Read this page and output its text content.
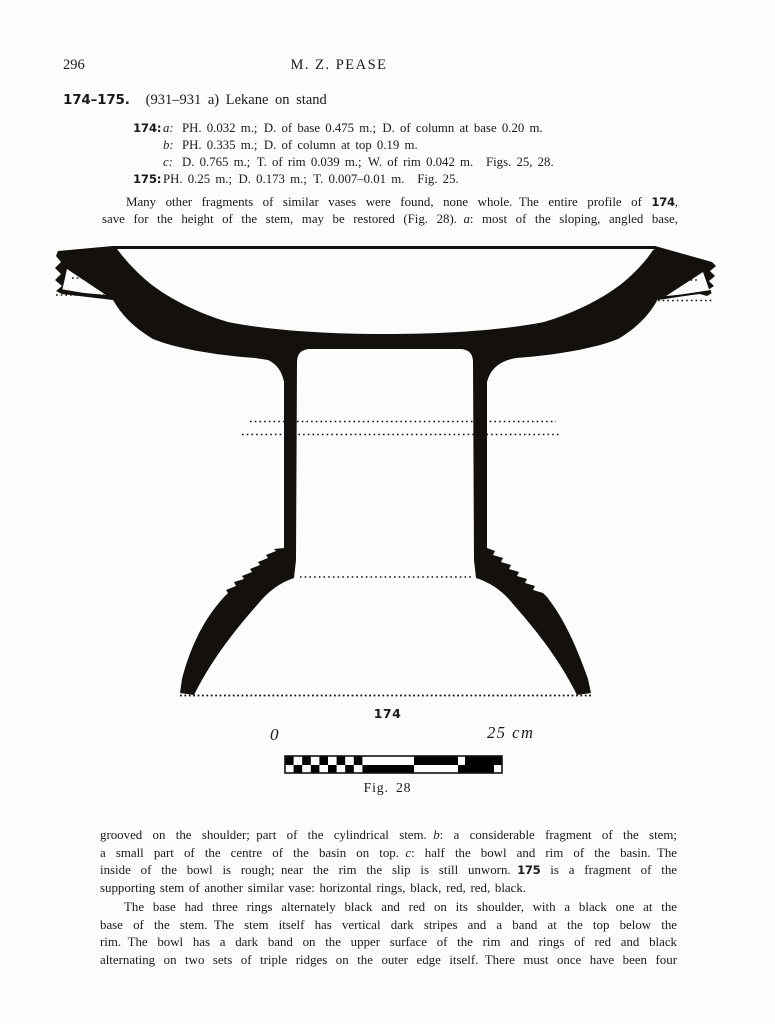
296	M. Z. PEASE
174–175. (931–931 a) Lekane on stand
174: a: PH. 0.032 m.; D. of base 0.475 m.; D. of column at base 0.20 m.
b: PH. 0.335 m.; D. of column at top 0.19 m.
c: D. 0.765 m.; T. of rim 0.039 m.; W. of rim 0.042 m. Figs. 25, 28.
175: PH. 0.25 m.; D. 0.173 m.; T. 0.007–0.01 m. Fig. 25.
Many other fragments of similar vases were found, none whole. The entire profile of 174,
save for the height of the stem, may be restored (Fig. 28). a: most of the sloping, angled base,
174
0	25 cm
Fig. 28
grooved on the shoulder; part of the cylindrical stem. b: a considerable fragment of the stem;
a small part of the centre of the basin on top. c: half the bowl and rim of the basin. The
inside of the bowl is rough; near the rim the slip is still unworn. 175 is a fragment of the
supporting stem of another similar vase: horizontal rings, black, red, red, black.
The base had three rings alternately black and red on its shoulder, with a black one at the
base of the stem. The stem itself has vertical dark stripes and a band at the top below the
rim. The bowl has a dark band on the upper surface of the rim and rings of red and black
alternating on two sets of triple ridges on the outer edge itself. There must once have been four
